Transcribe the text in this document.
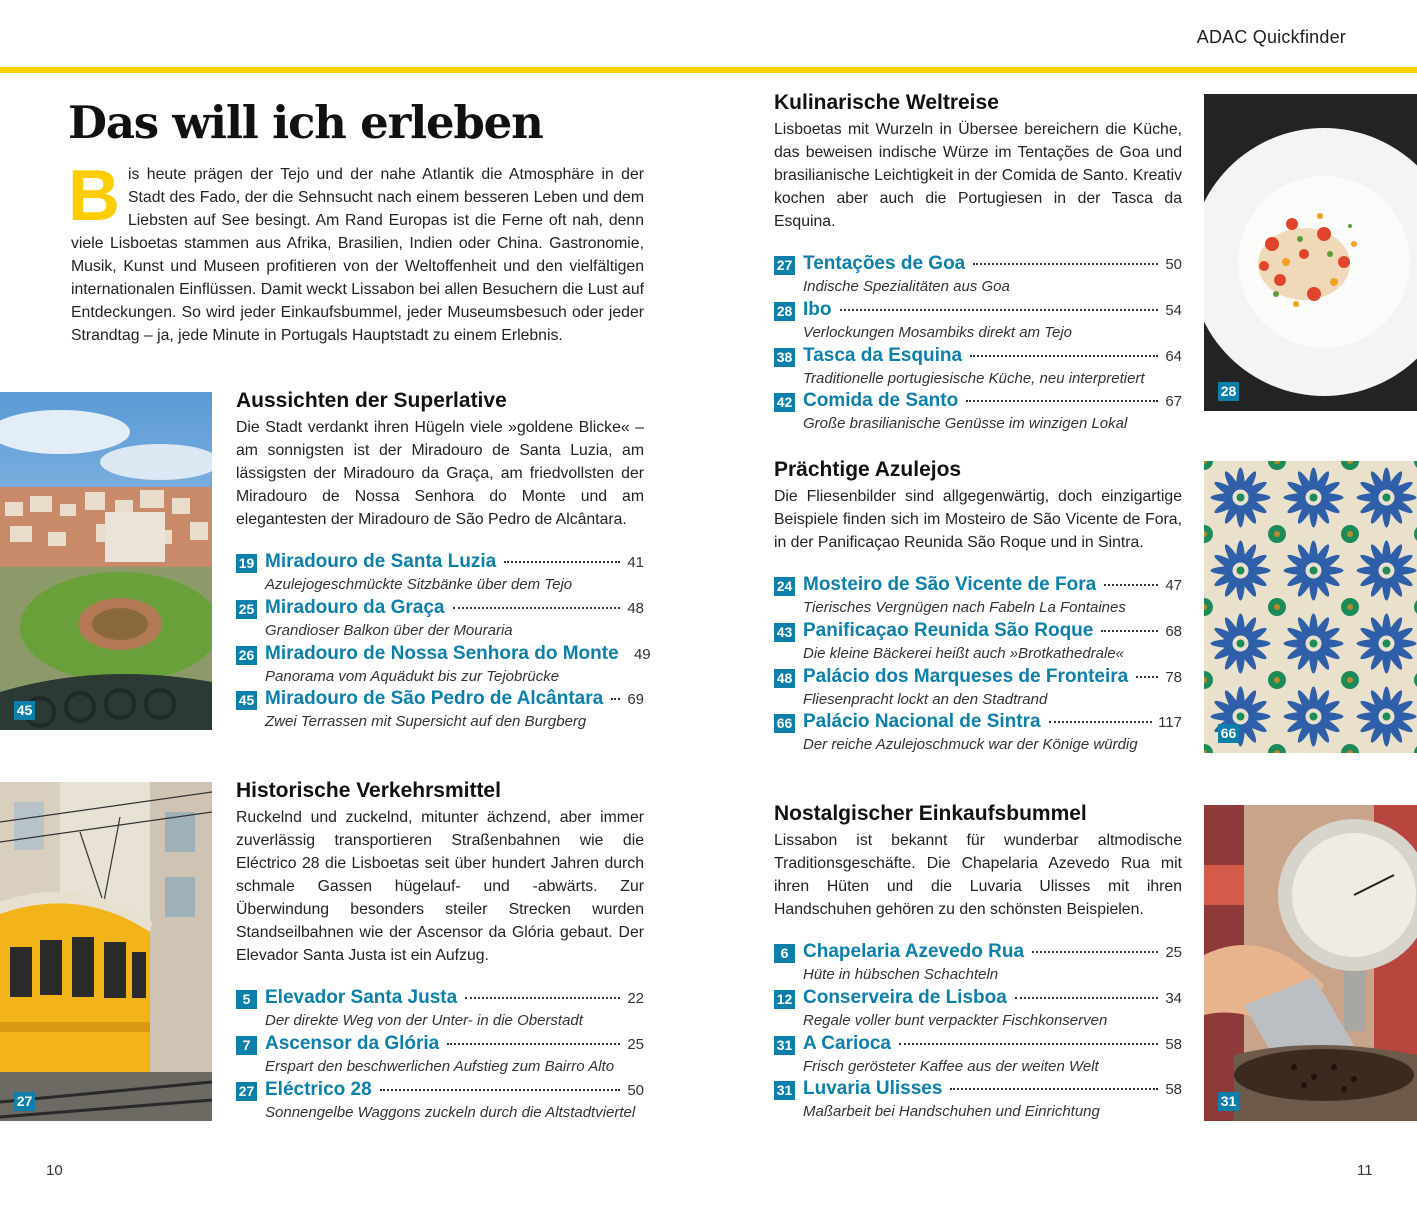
ADAC Quickfinder
Das will ich erleben

Bis heute prägen der Tejo und der nahe Atlantik die Atmosphäre in der Stadt des Fado, der die Sehnsucht nach einem besseren Leben und dem Liebsten auf See besingt. Am Rand Europas ist die Ferne oft nah, denn viele Lisboetas stammen aus Afrika, Brasilien, Indien oder China. Gastronomie, Musik, Kunst und Museen profitieren von der Weltoffenheit und den vielfältigen internationalen Einflüssen. Damit weckt Lissabon bei allen Besuchern die Lust auf Entdeckungen. So wird jeder Einkaufsbummel, jeder Museumsbesuch oder jeder Strandtag – ja, jede Minute in Portugals Hauptstadt zu einem Erlebnis.

45
Aussichten der Superlative

Die Stadt verdankt ihren Hügeln viele »goldene Blicke« – am sonnigsten ist der Miradouro de Santa Luzia, am lässigsten der Miradouro da Graça, am friedvollsten der Miradouro de Nossa Senhora do Monte und am elegantesten der Miradouro de São Pedro de Alcântara.

19 Miradouro de Santa Luzia	41
Azulejogeschmückte Sitzbänke über dem Tejo
25 Miradouro da Graça	48
Grandioser Balkon über der Mouraria
26 Miradouro de Nossa Senhora do Monte 49
Panorama vom Aquädukt bis zur Tejobrücke
45 Miradouro de São Pedro de Alcântara 69
Zwei Terrassen mit Supersicht auf den Burgberg
27
Historische Verkehrsmittel

Ruckelnd und zuckelnd, mitunter ächzend, aber immer zuverlässig transportieren Straßenbahnen wie die Eléctrico 28 die Lisboetas seit über hundert Jahren durch schmale Gassen hügelauf- und -abwärts. Zur Überwindung besonders steiler Strecken wurden Standseilbahnen wie der Ascensor da Glória gebaut. Der Elevador Santa Justa ist ein Aufzug.

5 Elevador Santa Justa	22
Der direkte Weg von der Unter- in die Oberstadt
7 Ascensor da Glória	25
Erspart den beschwerlichen Aufstieg zum Bairro Alto
27 Eléctrico 28	50
Sonnengelbe Waggons zuckeln durch die Altstadtviertel
10
Kulinarische Weltreise

Lisboetas mit Wurzeln in Übersee bereichern die Küche, das beweisen indische Würze im Tentações de Goa und brasilianische Leichtigkeit in der Comida de Santo. Kreativ kochen aber auch die Portugiesen in der Tasca da Esquina.

27 Tentações de Goa	50
Indische Spezialitäten aus Goa
28 Ibo	54
Verlockungen Mosambiks direkt am Tejo
38 Tasca da Esquina	64
Traditionelle portugiesische Küche, neu interpretiert
42 Comida de Santo	67
Große brasilianische Genüsse im winzigen Lokal
28
Prächtige Azulejos

Die Fliesenbilder sind allgegenwärtig, doch einzigartige Beispiele finden sich im Mosteiro de São Vicente de Fora, in der Panificaçao Reunida São Roque und in Sintra.

24 Mosteiro de São Vicente de Fora	47
Tierisches Vergnügen nach Fabeln La Fontaines
43 Panificaçao Reunida São Roque	68
Die kleine Bäckerei heißt auch »Brotkathedrale«
48 Palácio dos Marqueses de Fronteira 78
Fliesenpracht lockt an den Stadtrand
66 Palácio Nacional de Sintra	117
Der reiche Azulejoschmuck war der Könige würdig
66
Nostalgischer Einkaufsbummel

Lissabon ist bekannt für wunderbar altmodische Traditionsgeschäfte. Die Chapelaria Azevedo Rua mit ihren Hüten und die Luvaria Ulisses mit ihren Handschuhen gehören zu den schönsten Beispielen.

6 Chapelaria Azevedo Rua	25
Hüte in hübschen Schachteln
12 Conserveira de Lisboa	34
Regale voller bunt verpackter Fischkonserven
31 A Carioca	58
Frisch gerösteter Kaffee aus der weiten Welt
31 Luvaria Ulisses	58
Maßarbeit bei Handschuhen und Einrichtung
31
11
